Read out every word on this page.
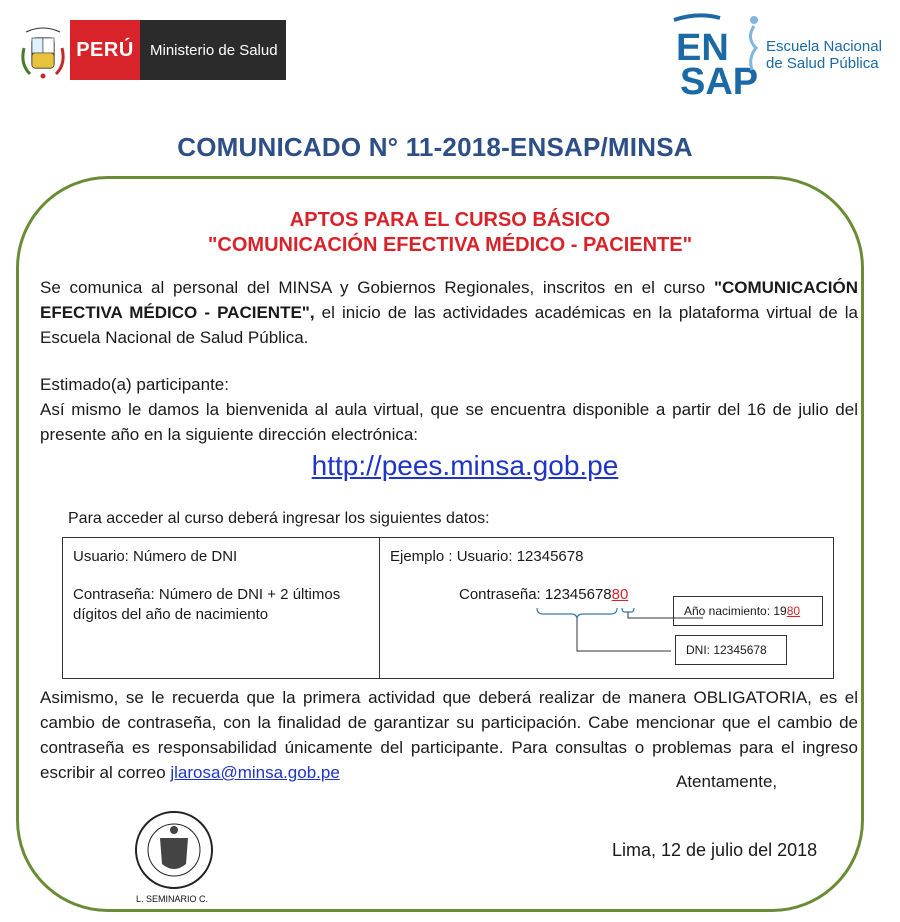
PERÚ	Ministerio de Salud	EN
SAP
Escuela Nacional
de Salud Pública
COMUNICADO N° 11-2018-ENSAP/MINSA
APTOS PARA EL CURSO BÁSICO
"COMUNICACIÓN EFECTIVA MÉDICO - PACIENTE"
Se comunica al personal del MINSA y Gobiernos Regionales, inscritos en el curso "COMUNICACIÓN EFECTIVA MÉDICO - PACIENTE", el inicio de las actividades académicas en la plataforma virtual de la Escuela Nacional de Salud Pública.
Estimado(a) participante:
Así mismo le damos la bienvenida al aula virtual, que se encuentra disponible a partir del 16 de julio del presente año en la siguiente dirección electrónica:
http://pees.minsa.gob.pe
Para acceder al curso deberá ingresar los siguientes datos:
Usuario: Número de DNI
Contraseña: Número de DNI + 2 últimos dígitos del año de nacimiento
Ejemplo : Usuario: 12345678
Contraseña: 1234567880
Año nacimiento: 19 80
DNI: 12345678
Asimismo, se le recuerda que la primera actividad que deberá realizar de manera OBLIGATORIA, es el cambio de contraseña, con la finalidad de garantizar su participación. Cabe mencionar que el cambio de contraseña es responsabilidad únicamente del participante. Para consultas o problemas para el ingreso escribir al correo jlarosa@minsa.gob.pe	Atentamente,
L. SEMINARIO C.
Lima, 12 de julio del 2018
